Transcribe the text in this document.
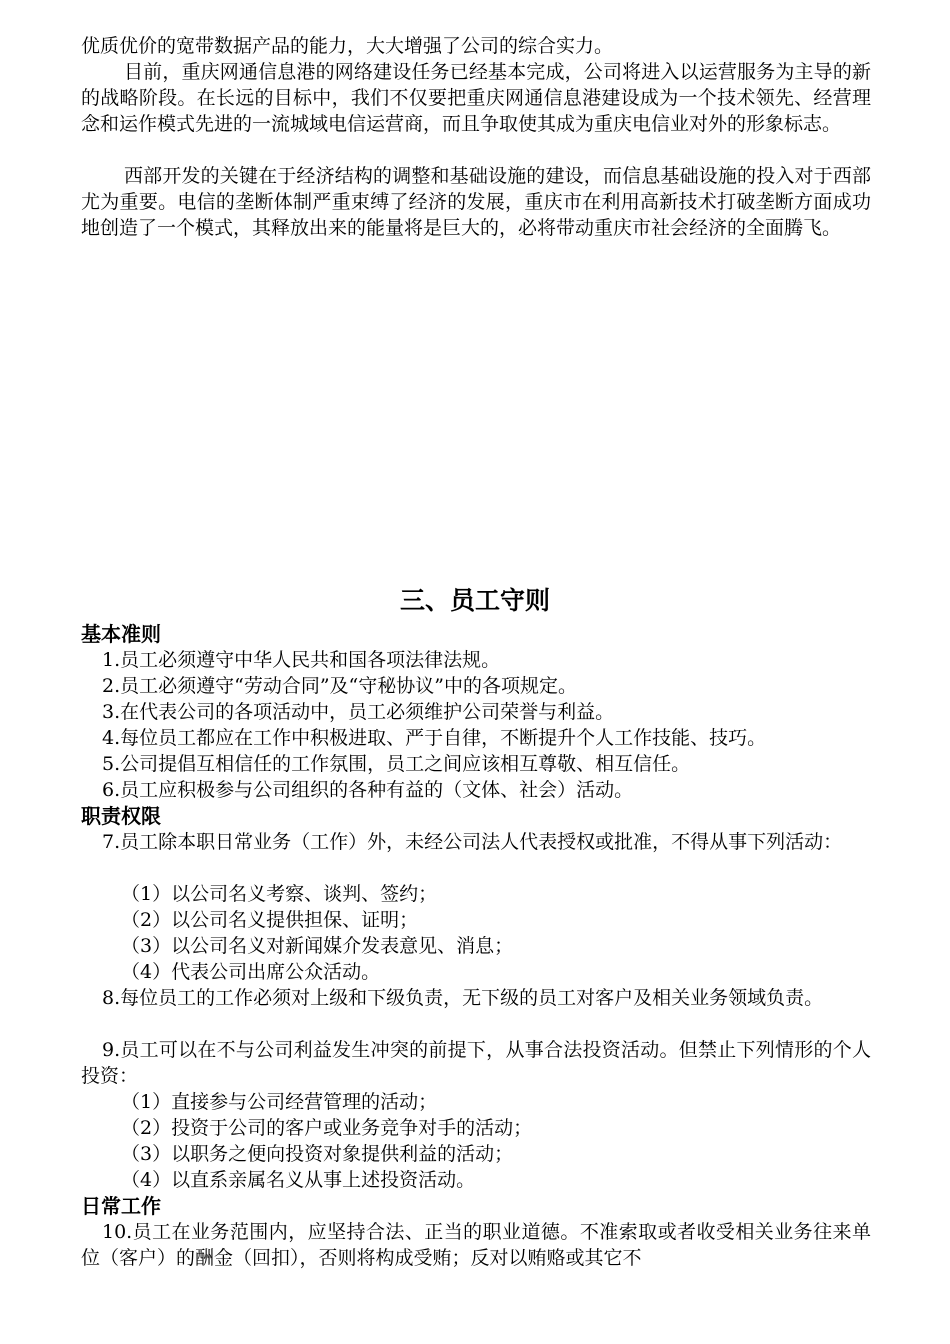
优质优价的宽带数据产品的能力，大大增强了公司的综合实力。

目前，重庆网通信息港的网络建设任务已经基本完成，公司将进入以运营服务为主导的新的战略阶段。在长远的目标中，我们不仅要把重庆网通信息港建设成为一个技术领先、经营理念和运作模式先进的一流城域电信运营商，而且争取使其成为重庆电信业对外的形象标志。

西部开发的关键在于经济结构的调整和基础设施的建设，而信息基础设施的投入对于西部尤为重要。电信的垄断体制严重束缚了经济的发展，重庆市在利用高新技术打破垄断方面成功地创造了一个模式，其释放出来的能量将是巨大的，必将带动重庆市社会经济的全面腾飞。

三、员工守则
基本准则

1.员工必须遵守中华人民共和国各项法律法规。

2.员工必须遵守“劳动合同”及“守秘协议”中的各项规定。

3.在代表公司的各项活动中，员工必须维护公司荣誉与利益。

4.每位员工都应在工作中积极进取、严于自律，不断提升个人工作技能、技巧。

5.公司提倡互相信任的工作氛围，员工之间应该相互尊敬、相互信任。

6.员工应积极参与公司组织的各种有益的（文体、社会）活动。

职责权限

7.员工除本职日常业务（工作）外，未经公司法人代表授权或批准，不得从事下列活动：

（1）以公司名义考察、谈判、签约；
（2）以公司名义提供担保、证明；
（3）以公司名义对新闻媒介发表意见、消息；
（4）代表公司出席公众活动。

8.每位员工的工作必须对上级和下级负责，无下级的员工对客户及相关业务领域负责。

9.员工可以在不与公司利益发生冲突的前提下，从事合法投资活动。但禁止下列情形的个人投资：

（1）直接参与公司经营管理的活动；
（2）投资于公司的客户或业务竞争对手的活动；
（3）以职务之便向投资对象提供利益的活动；
（4）以直系亲属名义从事上述投资活动。
日常工作

10.员工在业务范围内，应坚持合法、正当的职业道德。不准索取或者收受相关业务往来单位（客户）的酬金（回扣），否则将构成受贿；反对以贿赂或其它不
